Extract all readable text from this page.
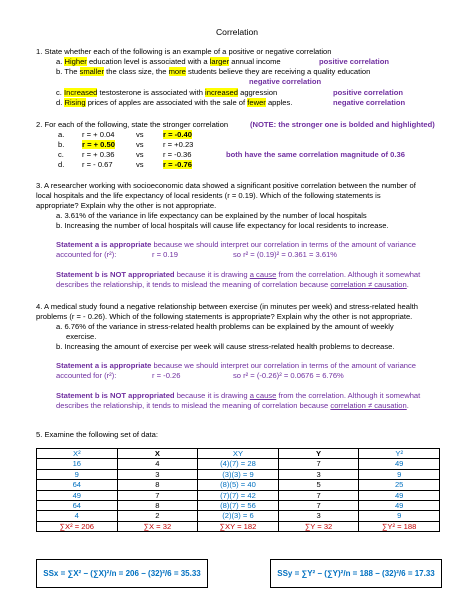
Correlation
1. State whether each of the following is an example of a positive or negative correlation
a. Higher education level is associated with a larger annual income	positive correlation
b. The smaller the class size, the more students believe they are receiving a quality education
negative correlation
c. Increased testosterone is associated with increased aggression	positive correlation
d. Rising prices of apples are associated with the sale of fewer apples.	negative correlation
2. For each of the following, state the stronger correlation	(NOTE: the stronger one is bolded and highlighted)
a. r = + 0.04	vs	r = -0.40
b. r = + 0.50	vs	r = +0.23
c. r = + 0.36	vs	r = -0.36	both have the same correlation magnitude of 0.36
d. r = - 0.67	vs	r = -0.76
3. A researcher working with socioeconomic data showed a significant positive correlation between the number of
local hospitals and the life expectancy of local residents (r = 0.19). Which of the following statements is
appropriate? Explain why the other is not appropriate.
a. 3.61% of the variance in life expectancy can be explained by the number of local hospitals
b. Increasing the number of local hospitals will cause life expectancy for local residents to increase.
Statement a is appropriate because we should interpret our correlation in terms of the amount of variance
accounted for (r²):	r = 0.19	so r² = (0.19)² = 0.361 = 3.61%
Statement b is NOT appropriated because it is drawing a cause from the correlation. Although it somewhat
describes the relationship, it tends to mislead the meaning of correlation because correlation ≠ causation.
4. A medical study found a negative relationship between exercise (in minutes per week) and stress-related health
problems (r = - 0.26). Which of the following statements is appropriate? Explain why the other is not appropriate.
a. 6.76% of the variance in stress-related health problems can be explained by the amount of weekly
exercise.
b. Increasing the amount of exercise per week will cause stress-related health problems to decrease.
Statement a is appropriate because we should interpret our correlation in terms of the amount of variance
accounted for (r²):	r = -0.26	so r² = (-0.26)² = 0.0676 = 6.76%
Statement b is NOT appropriated because it is drawing a cause from the correlation. Although it somewhat
describes the relationship, it tends to mislead the meaning of correlation because correlation ≠ causation.
5. Examine the following set of data:
X²	X	XY	Y	Y²
16	4	(4)(7) = 28	7	49
9	3	(3)(3) = 9	3	9
64	8	(8)(5) = 40	5	25
49	7	(7)(7) = 42	7	49
64	8	(8)(7) = 56	7	49
4	2	(2)(3) = 6	3	9
∑X² = 206	∑X = 32	∑XY = 182	∑Y = 32	∑Y² = 188
SSx = ∑X² − (∑X)²/n = 206 − (32)²/6 = 35.33	SSy = ∑Y² − (∑Y)²/n = 188 − (32)²/6 = 17.33
